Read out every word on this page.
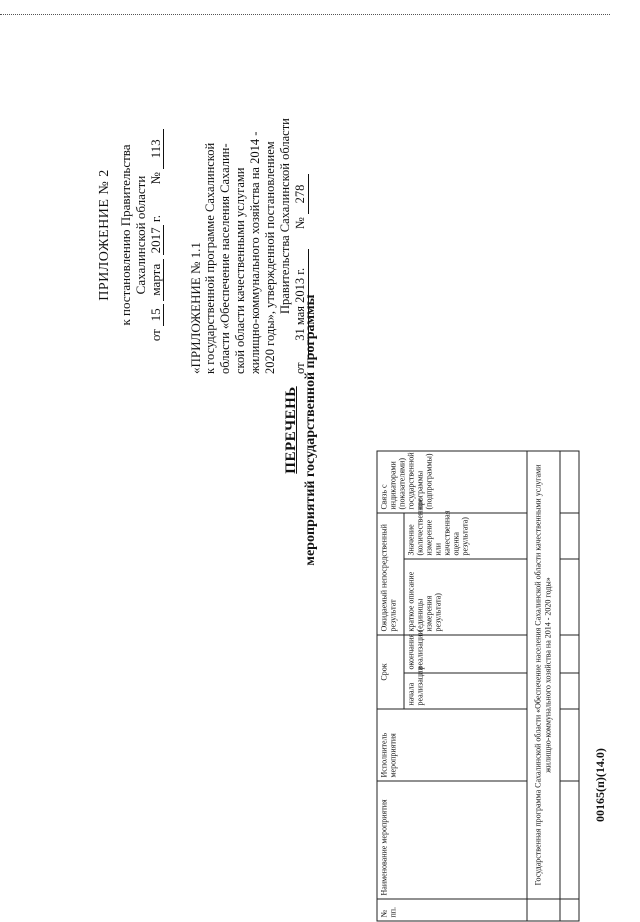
ПРИЛОЖЕНИЕ № 2 к постановлению Правительства Сахалинской области
от 15 марта 2017 г.  № 113
«ПРИЛОЖЕНИЕ № 1.1 к государственной программе Сахалинской области «Обеспечение населения Сахалин- ской области качественными услугами жилищно-коммунального хозяйства на 2014 - 2020 годы», утвержденной постановлением Правительства Сахалинской области
от 31 мая 2013 г.  № 278
ПЕРЕЧЕНЬ мероприятий государственной программы
№ пп.	Наименование мероприятия	Исполнитель мероприятия	Срок		Ожидаемый непосредственный результат		Связь с индикаторами (показателями) государственной программы (подпрограммы)
			начала реализации	окончания реализации	краткое описание (единицы измерения результата)	Значение (количественное измерение или качественная оценка результата)	
	Государственная программа Сахалинской области «Обеспечение населения Сахалинской области качественными услугами жилищно-коммунального хозяйства на 2014 - 2020 годы»						

00165(п)(14.0)
